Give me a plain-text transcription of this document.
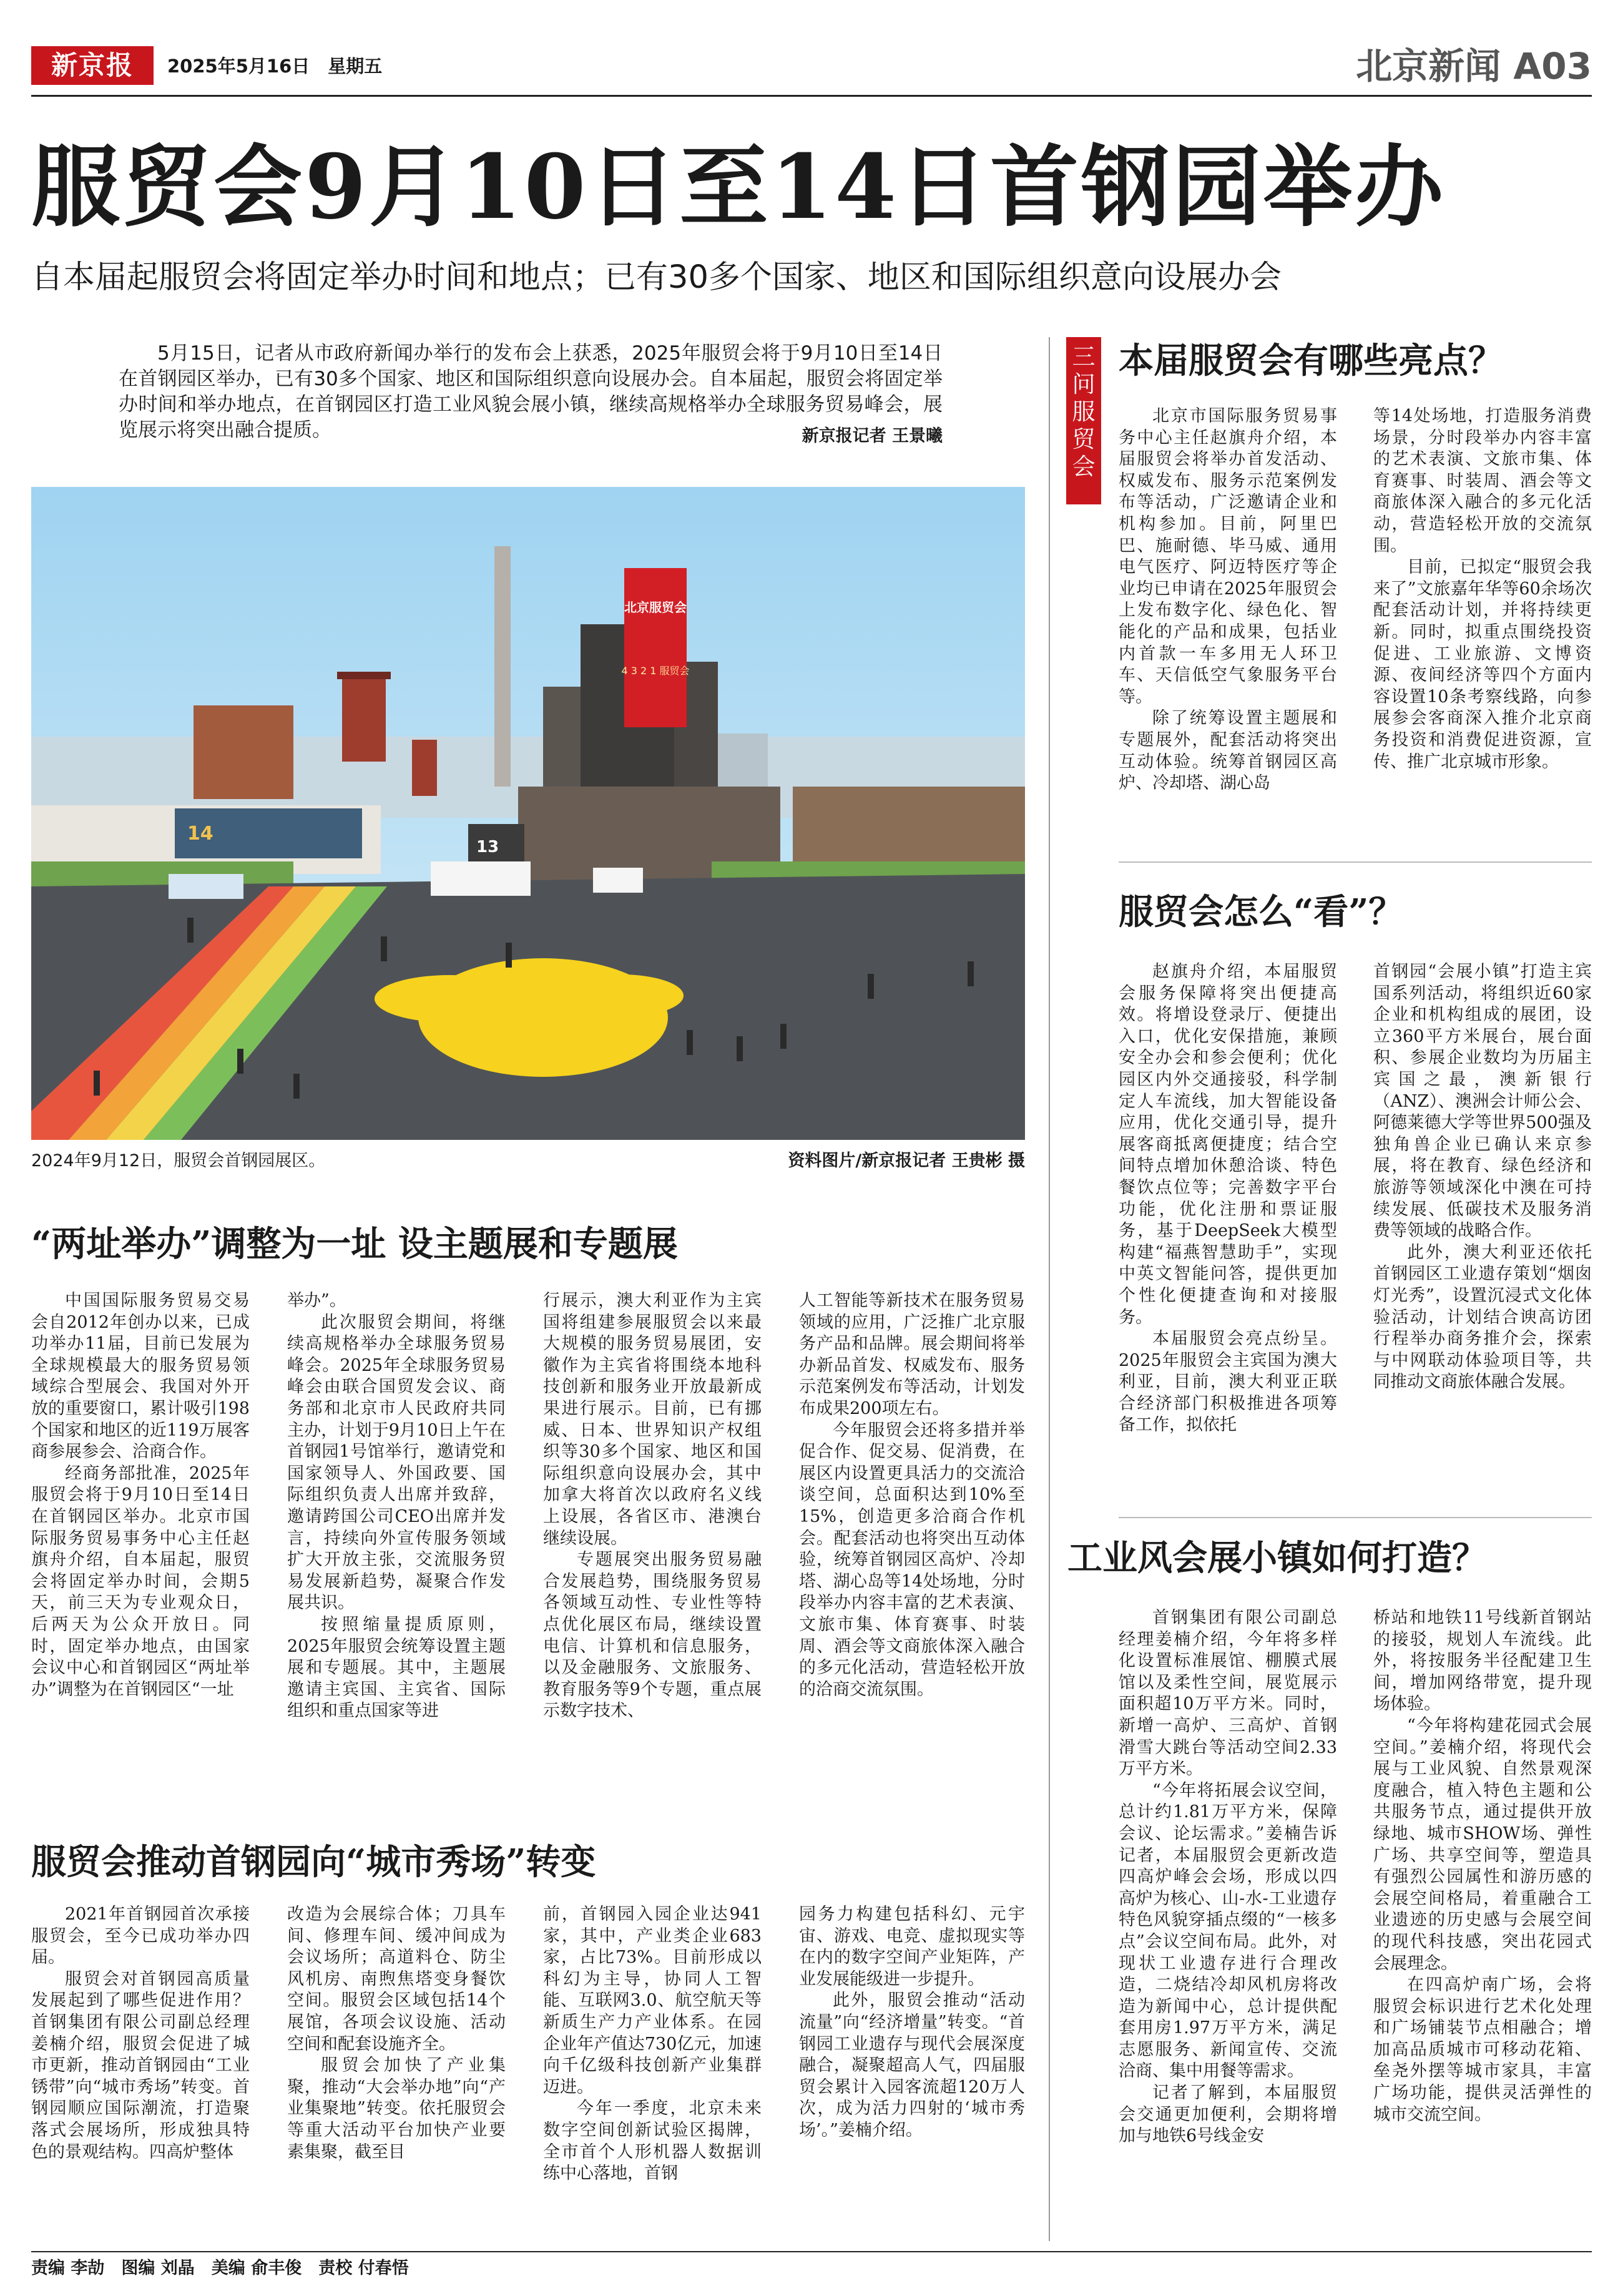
新京报	2025年5月16日　星期五	北京新闻 A03
服贸会9月10日至14日首钢园举办
自本届起服贸会将固定举办时间和地点；已有30多个国家、地区和国际组织意向设展办会
5月15日，记者从市政府新闻办举行的发布会上获悉，2025年服贸会将于9月10日至14日在首钢园区举办，已有30多个国家、地区和国际组织意向设展办会。自本届起，服贸会将固定举办时间和举办地点，在首钢园区打造工业风貌会展小镇，继续高规格举办全球服务贸易峰会，展览展示将突出融合提质。	新京报记者 王景曦
北京服贸会
4 3 2 1 服贸会
14
13
2024年9月12日，服贸会首钢园展区。	资料图片/新京报记者 王贵彬 摄
“两址举办”调整为一址 设主题展和专题展

中国国际服务贸易交易会自2012年创办以来，已成功举办11届，目前已发展为全球规模最大的服务贸易领域综合型展会、我国对外开放的重要窗口，累计吸引198个国家和地区的近119万展客商参展参会、洽商合作。

经商务部批准，2025年服贸会将于9月10日至14日在首钢园区举办。北京市国际服务贸易事务中心主任赵旗舟介绍，自本届起，服贸会将固定举办时间，会期5天，前三天为专业观众日，后两天为公众开放日。同时，固定举办地点，由国家会议中心和首钢园区“两址举办”调整为在首钢园区“一址

举办”。

此次服贸会期间，将继续高规格举办全球服务贸易峰会。2025年全球服务贸易峰会由联合国贸发会议、商务部和北京市人民政府共同主办，计划于9月10日上午在首钢园1号馆举行，邀请党和国家领导人、外国政要、国际组织负责人出席并致辞，邀请跨国公司CEO出席并发言，持续向外宣传服务领域扩大开放主张，交流服务贸易发展新趋势，凝聚合作发展共识。

按照缩量提质原则，2025年服贸会统筹设置主题展和专题展。其中，主题展邀请主宾国、主宾省、国际组织和重点国家等进

行展示，澳大利亚作为主宾国将组建参展服贸会以来最大规模的服务贸易展团，安徽作为主宾省将围绕本地科技创新和服务业开放最新成果进行展示。目前，已有挪威、日本、世界知识产权组织等30多个国家、地区和国际组织意向设展办会，其中加拿大将首次以政府名义线上设展，各省区市、港澳台继续设展。

专题展突出服务贸易融合发展趋势，围绕服务贸易各领域互动性、专业性等特点优化展区布局，继续设置电信、计算机和信息服务，以及金融服务、文旅服务、教育服务等9个专题，重点展示数字技术、

人工智能等新技术在服务贸易领域的应用，广泛推广北京服务产品和品牌。展会期间将举办新品首发、权威发布、服务示范案例发布等活动，计划发布成果200项左右。

今年服贸会还将多措并举促合作、促交易、促消费，在展区内设置更具活力的交流洽谈空间，总面积达到10%至15%，创造更多洽商合作机会。配套活动也将突出互动体验，统筹首钢园区高炉、冷却塔、湖心岛等14处场地，分时段举办内容丰富的艺术表演、文旅市集、体育赛事、时装周、酒会等文商旅体深入融合的多元化活动，营造轻松开放的洽商交流氛围。

服贸会推动首钢园向“城市秀场”转变

2021年首钢园首次承接服贸会，至今已成功举办四届。

服贸会对首钢园高质量发展起到了哪些促进作用？首钢集团有限公司副总经理姜楠介绍，服贸会促进了城市更新，推动首钢园由“工业锈带”向“城市秀场”转变。首钢园顺应国际潮流，打造聚落式会展场所，形成独具特色的景观结构。四高炉整体

改造为会展综合体；刀具车间、修理车间、缓冲间成为会议场所；高道料仓、防尘风机房、南煦焦塔变身餐饮空间。服贸会区域包括14个展馆，各项会议设施、活动空间和配套设施齐全。

服贸会加快了产业集聚，推动“大会举办地”向“产业集聚地”转变。依托服贸会等重大活动平台加快产业要素集聚，截至目

前，首钢园入园企业达941家，其中，产业类企业683家，占比73%。目前形成以科幻为主导，协同人工智能、互联网3.0、航空航天等新质生产力产业体系。在园企业年产值达730亿元，加速向千亿级科技创新产业集群迈进。

今年一季度，北京未来数字空间创新试验区揭牌，全市首个人形机器人数据训练中心落地，首钢

园务力构建包括科幻、元宇宙、游戏、电竞、虚拟现实等在内的数字空间产业矩阵，产业发展能级进一步提升。

此外，服贸会推动“活动流量”向“经济增量”转变。“首钢园工业遗存与现代会展深度融合，凝聚超高人气，四届服贸会累计入园客流超120万人次，成为活力四射的‘城市秀场’。”姜楠介绍。

三
问
服
贸
会
本届服贸会有哪些亮点？

北京市国际服务贸易事务中心主任赵旗舟介绍，本届服贸会将举办首发活动、权威发布、服务示范案例发布等活动，广泛邀请企业和机构参加。目前，阿里巴巴、施耐德、毕马威、通用电气医疗、阿迈特医疗等企业均已申请在2025年服贸会上发布数字化、绿色化、智能化的产品和成果，包括业内首款一车多用无人环卫车、天信低空气象服务平台等。

除了统筹设置主题展和专题展外，配套活动将突出互动体验。统筹首钢园区高炉、冷却塔、湖心岛

等14处场地，打造服务消费场景，分时段举办内容丰富的艺术表演、文旅市集、体育赛事、时装周、酒会等文商旅体深入融合的多元化活动，营造轻松开放的交流氛围。

目前，已拟定“服贸会我来了”文旅嘉年华等60余场次配套活动计划，并将持续更新。同时，拟重点围绕投资促进、工业旅游、文博资源、夜间经济等四个方面内容设置10条考察线路，向参展参会客商深入推介北京商务投资和消费促进资源，宣传、推广北京城市形象。

服贸会怎么“看”？

赵旗舟介绍，本届服贸会服务保障将突出便捷高效。将增设登录厅、便捷出入口，优化安保措施，兼顾安全办会和参会便利；优化园区内外交通接驳，科学制定人车流线，加大智能设备应用，优化交通引导，提升展客商抵离便捷度；结合空间特点增加休憩洽谈、特色餐饮点位等；完善数字平台功能，优化注册和票证服务，基于DeepSeek大模型构建“福燕智慧助手”，实现中英文智能问答，提供更加个性化便捷查询和对接服务。

本届服贸会亮点纷呈。2025年服贸会主宾国为澳大利亚，目前，澳大利亚正联合经济部门积极推进各项筹备工作，拟依托

首钢园“会展小镇”打造主宾国系列活动，将组织近60家企业和机构组成的展团，设立360平方米展台，展台面积、参展企业数均为历届主宾国之最，澳新银行（ANZ）、澳洲会计师公会、阿德莱德大学等世界500强及独角兽企业已确认来京参展，将在教育、绿色经济和旅游等领域深化中澳在可持续发展、低碳技术及服务消费等领域的战略合作。

此外，澳大利亚还依托首钢园区工业遗存策划“烟囱灯光秀”，设置沉浸式文化体验活动，计划结合谀高访团行程举办商务推介会，探索与中网联动体验项目等，共同推动文商旅体融合发展。

工业风会展小镇如何打造？

首钢集团有限公司副总经理姜楠介绍，今年将多样化设置标准展馆、棚膜式展馆以及柔性空间，展览展示面积超10万平方米。同时，新增一高炉、三高炉、首钢滑雪大跳台等活动空间2.33万平方米。

“今年将拓展会议空间，总计约1.81万平方米，保障会议、论坛需求。”姜楠告诉记者，本届服贸会更新改造四高炉峰会会场，形成以四高炉为核心、山-水-工业遗存特色风貌穿插点缀的“一核多点”会议空间布局。此外，对现状工业遗存进行合理改造，二烧结冷却风机房将改造为新闻中心，总计提供配套用房1.97万平方米，满足志愿服务、新闻宣传、交流洽商、集中用餐等需求。

记者了解到，本届服贸会交通更加便利，会期将增加与地铁6号线金安

桥站和地铁11号线新首钢站的接驳，规划人车流线。此外，将按服务半径配建卫生间，增加网络带宽，提升现场体验。

“今年将构建花园式会展空间。”姜楠介绍，将现代会展与工业风貌、自然景观深度融合，植入特色主题和公共服务节点，通过提供开放绿地、城市SHOW场、弹性广场、共享空间等，塑造具有强烈公园属性和游历感的会展空间格局，着重融合工业遗迹的历史感与会展空间的现代科技感，突出花园式会展理念。

在四高炉南广场，会将服贸会标识进行艺术化处理和广场铺装节点相融合；增加高品质城市可移动花箱、垒尧外摆等城市家具，丰富广场功能，提供灵活弹性的城市交流空间。

责编 李劼　图编 刘晶　美编 俞丰俊　责校 付春悟
